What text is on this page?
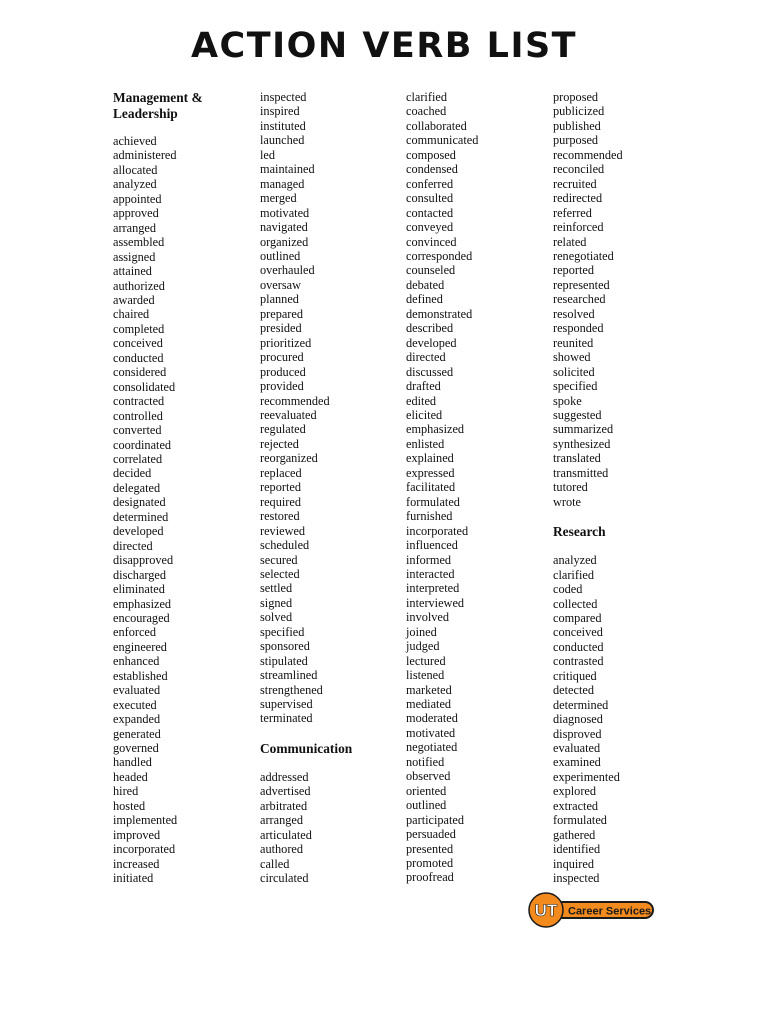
ACTION VERB LIST
Management &
Leadership
achieved
administered
allocated
analyzed
appointed
approved
arranged
assembled
assigned
attained
authorized
awarded
chaired
completed
conceived
conducted
considered
consolidated
contracted
controlled
converted
coordinated
correlated
decided
delegated
designated
determined
developed
directed
disapproved
discharged
eliminated
emphasized
encouraged
enforced
engineered
enhanced
established
evaluated
executed
expanded
generated
governed
handled
headed
hired
hosted
implemented
improved
incorporated
increased
initiated
inspected
inspired
instituted
launched
led
maintained
managed
merged
motivated
navigated
organized
outlined
overhauled
oversaw
planned
prepared
presided
prioritized
procured
produced
provided
recommended
reevaluated
regulated
rejected
reorganized
replaced
reported
required
restored
reviewed
scheduled
secured
selected
settled
signed
solved
specified
sponsored
stipulated
streamlined
strengthened
supervised
terminated
Communication
addressed
advertised
arbitrated
arranged
articulated
authored
called
circulated
clarified
coached
collaborated
communicated
composed
condensed
conferred
consulted
contacted
conveyed
convinced
corresponded
counseled
debated
defined
demonstrated
described
developed
directed
discussed
drafted
edited
elicited
emphasized
enlisted
explained
expressed
facilitated
formulated
furnished
incorporated
influenced
informed
interacted
interpreted
interviewed
involved
joined
judged
lectured
listened
marketed
mediated
moderated
motivated
negotiated
notified
observed
oriented
outlined
participated
persuaded
presented
promoted
proofread
proposed
publicized
published
purposed
recommended
reconciled
recruited
redirected
referred
reinforced
related
renegotiated
reported
represented
researched
resolved
responded
reunited
showed
solicited
specified
spoke
suggested
summarized
synthesized
translated
transmitted
tutored
wrote
Research
analyzed
clarified
coded
collected
compared
conceived
conducted
contrasted
critiqued
detected
determined
diagnosed
disproved
evaluated
examined
experimented
explored
extracted
formulated
gathered
identified
inquired
inspected
UT Career Services
